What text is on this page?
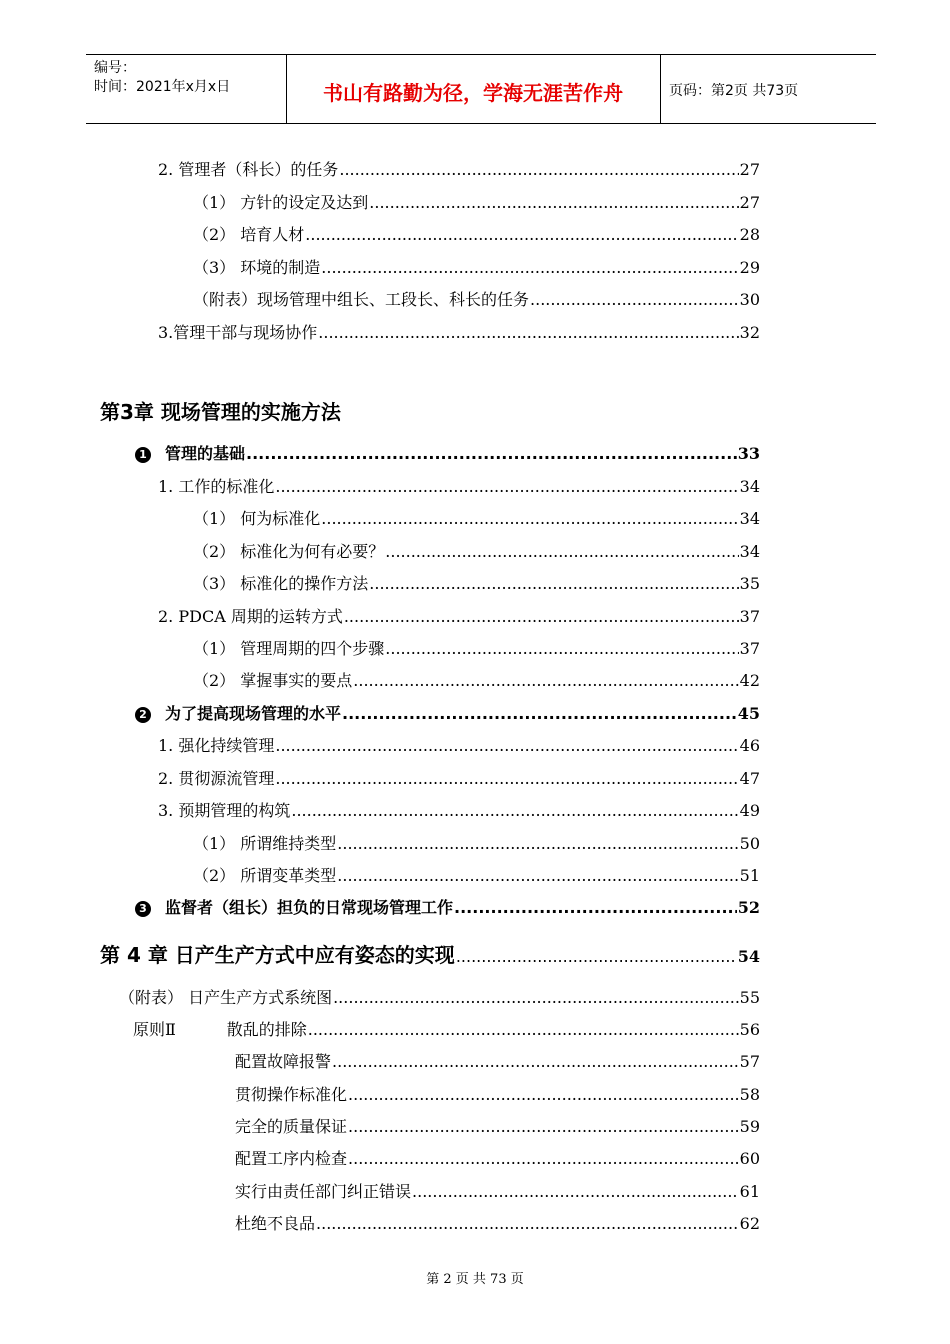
编号：
时间：2021年x月x日	书山有路勤为径，学海无涯苦作舟	页码：第2页 共73页
2. 管理者（科长）的任务 .....	27
（1） 方针的设定及达到 .....	27
（2） 培育人材 .....	28
（3） 环境的制造 .....	29
（附表）现场管理中组长、工段长、科长的任务 .....	30
3.管理干部与现场协作 .....	32
第3章 现场管理的实施方法
1 管理的基础 .....	33
1. 工作的标准化 .....	34
（1） 何为标准化 .....	34
（2） 标准化为何有必要？ .....	34
（3） 标准化的操作方法 .....	35
2. PDCA 周期的运转方式 .....	37
（1） 管理周期的四个步骤 .....	37
（2） 掌握事实的要点 .....	42
2 为了提高现场管理的水平 .....	45
1. 强化持续管理 .....	46
2. 贯彻源流管理 .....	47
3. 预期管理的构筑 .....	49
（1） 所谓维持类型 .....	50
（2） 所谓变革类型 .....	51
3 监督者（组长）担负的日常现场管理工作 .....	52
第 4 章 日产生产方式中应有姿态的实现 .....	54
（附表） 日产生产方式系统图 .....	55
原则Ⅱ          散乱的排除 .....	56
配置故障报警 .....	57
贯彻操作标准化 .....	58
完全的质量保证 .....	59
配置工序内检查 .....	60
实行由责任部门纠正错误 .....	61
杜绝不良品 .....	62
第 2 页 共 73 页
